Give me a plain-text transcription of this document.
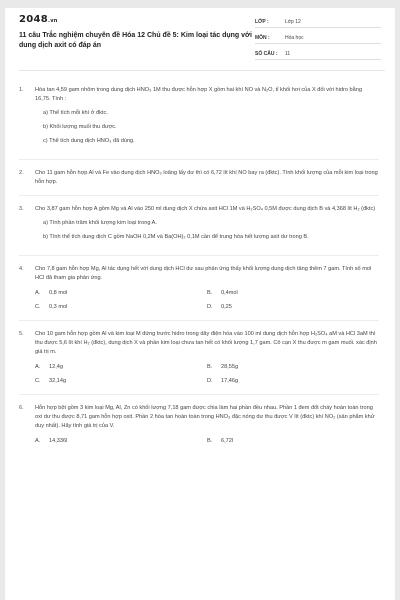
2048.vn
11 câu Trắc nghiệm chuyên đề Hóa 12 Chủ đề 5: Kim loại tác dụng với dung dịch axit có đáp án
LỚP :	Lớp 12
MÔN :	Hóa học
SỐ CÂU :	11
1.	Hòa tan 4,59 gam nhôm trong dung dịch HNO₃ 1M thu được hỗn hợp X gồm hai khí NO và N₂O, tỉ khối hơi của X đối với hidro bằng 16,75. Tính :
a) Thể tích mỗi khí ở đktc.
b) Khối lượng muối thu được.
c) Thể tích dung dịch HNO₃ đã dùng.
2.	Cho 11 gam hỗn hợp Al và Fe vào dung dịch HNO₃ loãng lấy dư thì có 6,72 lít khí NO bay ra (đktc). Tính khối lượng của mỗi kim loại trong hỗn hợp.
3.	Cho 3,87 gam hỗn hợp A gồm Mg và Al vào 250 ml dung dịch X chứa axit HCl 1M và H₂SO₄ 0,5M được dung dịch B và 4,368 lít H₂ (đktc)
a) Tính phần trăm khối lượng kim loại trong A.
b) Tính thể tích dung dịch C gồm NaOH 0,2M và Ba(OH)₂ 0,1M cần để trung hòa hết lượng axit dư trong B.
4.	Cho 7,8 gam hỗn hợp Mg, Al tác dụng hết với dung dịch HCl dư sau phản ứng thấy khối lượng dung dịch tăng thêm 7 gam. Tính số mol HCl đã tham gia phản ứng.
A.	0,8 mol	B.	0,4mol
C.	0,3 mol	D.	0,25
5.	Cho 10 gam hỗn hợp gồm Al và kim loại M đứng trước hidro trong dãy điện hóa vào 100 ml dung dịch hỗn hợp H₂SO₄ aM và HCl 3aM thì thu được 5,6 lít khí H₂ (đktc), dung dịch X và phần kim loại chưa tan hết có khối lượng 1,7 gam. Cô cạn X thu được m gam muối. xác định giá trị m.
A.	12,4g	B.	28,55g
C.	32,14g	D.	17,46g
6.	Hỗn hợp bột gồm 3 kim loại Mg, Al, Zn có khối lượng 7,18 gam được chia làm hai phần đều nhau. Phần 1 đem đốt cháy hoàn toàn trong oxi dư thu được 8,71 gam hỗn hợp oxit. Phần 2 hòa tan hoàn toàn trong HNO₃ đặc nóng dư thu được V lít (đktc) khí NO₂ (sản phẩm khử duy nhất). Hãy tính giá trị của V.
A.	14,336l	B.	6,72l
